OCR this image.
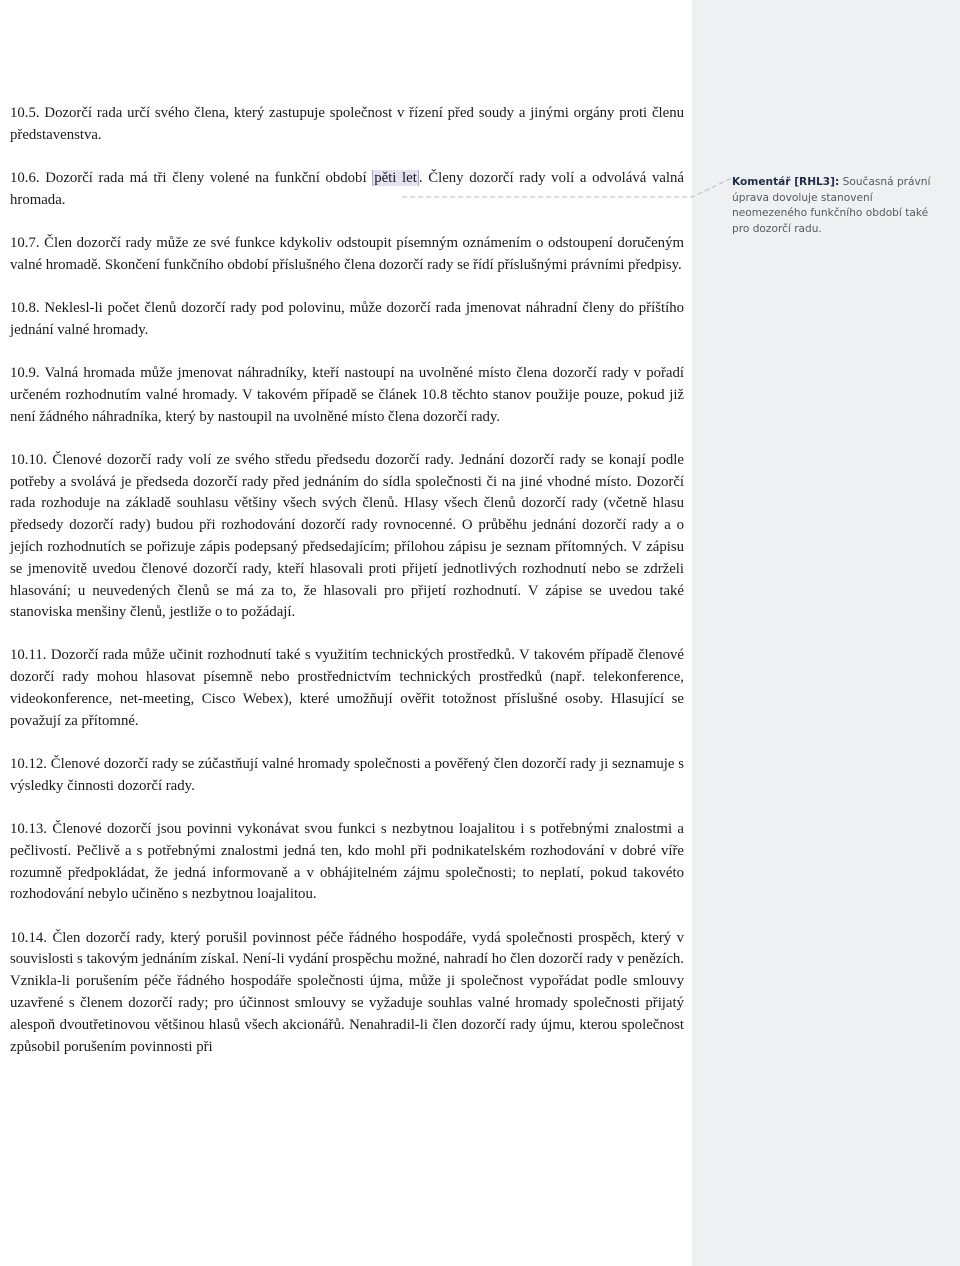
10.5. Dozorčí rada určí svého člena, který zastupuje společnost v řízení před soudy a jinými orgány proti členu představenstva.

10.6. Dozorčí rada má tři členy volené na funkční období pěti let . Členy dozorčí rady volí a odvolává valná hromada.

10.7. Člen dozorčí rady může ze své funkce kdykoliv odstoupit písemným oznámením o odstoupení doručeným valné hromadě. Skončení funkčního období příslušného člena dozorčí rady se řídí příslušnými právními předpisy.

10.8. Neklesl-li počet členů dozorčí rady pod polovinu, může dozorčí rada jmenovat náhradní členy do příštího jednání valné hromady.

10.9. Valná hromada může jmenovat náhradníky, kteří nastoupí na uvolněné místo člena dozorčí rady v pořadí určeném rozhodnutím valné hromady. V takovém případě se článek 10.8 těchto stanov použije pouze, pokud již není žádného náhradníka, který by nastoupil na uvolněné místo člena dozorčí rady.

10.10. Členové dozorčí rady volí ze svého středu předsedu dozorčí rady. Jednání dozorčí rady se konají podle potřeby a svolává je předseda dozorčí rady před jednáním do sídla společnosti či na jiné vhodné místo. Dozorčí rada rozhoduje na základě souhlasu většiny všech svých členů. Hlasy všech členů dozorčí rady (včetně hlasu předsedy dozorčí rady) budou při rozhodování dozorčí rady rovnocenné. O průběhu jednání dozorčí rady a o jejích rozhodnutích se pořizuje zápis podepsaný předsedajícím; přílohou zápisu je seznam přítomných. V zápisu se jmenovitě uvedou členové dozorčí rady, kteří hlasovali proti přijetí jednotlivých rozhodnutí nebo se zdrželi hlasování; u neuvedených členů se má za to, že hlasovali pro přijetí rozhodnutí. V zápise se uvedou také stanoviska menšiny členů, jestliže o to požádají.

10.11. Dozorčí rada může učinit rozhodnutí také s využitím technických prostředků. V takovém případě členové dozorčí rady mohou hlasovat písemně nebo prostřednictvím technických prostředků (např. telekonference, videokonference, net-meeting, Cisco Webex), které umožňují ověřit totožnost příslušné osoby. Hlasující se považují za přítomné.

10.12. Členové dozorčí rady se zúčastňují valné hromady společnosti a pověřený člen dozorčí rady ji seznamuje s výsledky činnosti dozorčí rady.

10.13. Členové dozorčí jsou povinni vykonávat svou funkci s nezbytnou loajalitou i s potřebnými znalostmi a pečlivostí. Pečlivě a s potřebnými znalostmi jedná ten, kdo mohl při podnikatelském rozhodování v dobré víře rozumně předpokládat, že jedná informovaně a v obhájitelném zájmu společnosti; to neplatí, pokud takovéto rozhodování nebylo učiněno s nezbytnou loajalitou.

10.14. Člen dozorčí rady, který porušil povinnost péče řádného hospodáře, vydá společnosti prospěch, který v souvislosti s takovým jednáním získal. Není-li vydání prospěchu možné, nahradí ho člen dozorčí rady v penězích. Vznikla-li porušením péče řádného hospodáře společnosti újma, může ji společnost vypořádat podle smlouvy uzavřené s členem dozorčí rady; pro účinnost smlouvy se vyžaduje souhlas valné hromady společnosti přijatý alespoň dvoutřetinovou většinou hlasů všech akcionářů. Nenahradil-li člen dozorčí rady újmu, kterou společnost způsobil porušením povinnosti při

Komentář [RHL3]: Současná právní úprava dovoluje stanovení neomezeného funkčního období také pro dozorčí radu.
